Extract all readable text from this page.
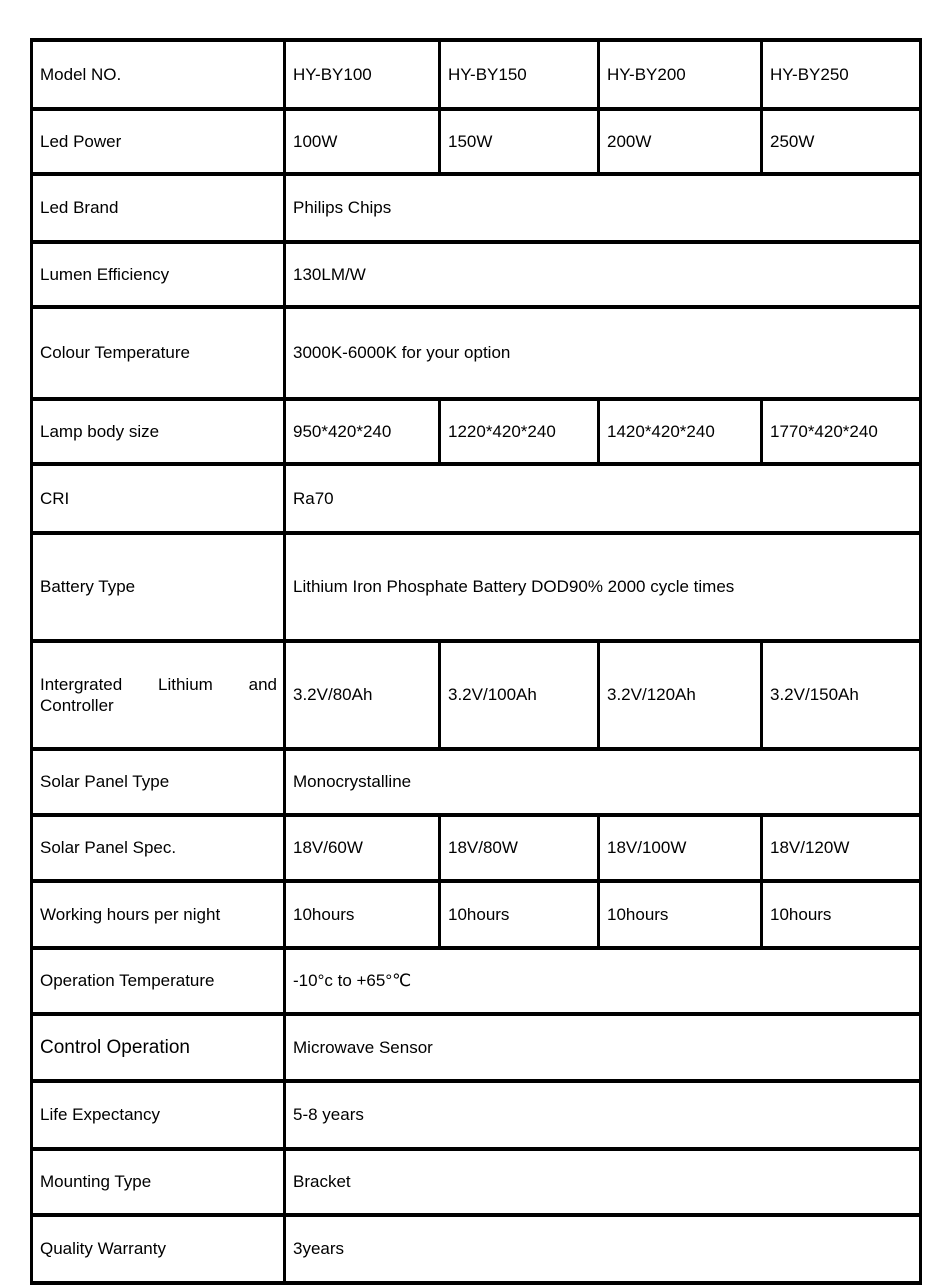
Model NO.	HY-BY100	HY-BY150	HY-BY200	HY-BY250
Led Power	100W	150W	200W	250W
Led Brand	Philips Chips			
Lumen Efficiency	130LM/W			
Colour Temperature	3000K-6000K for your option			
Lamp body size	950*420*240	1220*420*240	1420*420*240	1770*420*240
CRI	Ra70			
Battery Type	Lithium Iron Phosphate Battery DOD90% 2000 cycle times			
Intergrated Lithium and Controller	3.2V/80Ah	3.2V/100Ah	3.2V/120Ah	3.2V/150Ah
Solar Panel Type	Monocrystalline			
Solar Panel Spec.	18V/60W	18V/80W	18V/100W	18V/120W
Working hours per night	10hours	10hours	10hours	10hours
Operation Temperature	-10°c to +65°℃			
Control Operation	Microwave Sensor			
Life Expectancy	5-8 years			
Mounting Type	Bracket			
Quality Warranty	3years			
